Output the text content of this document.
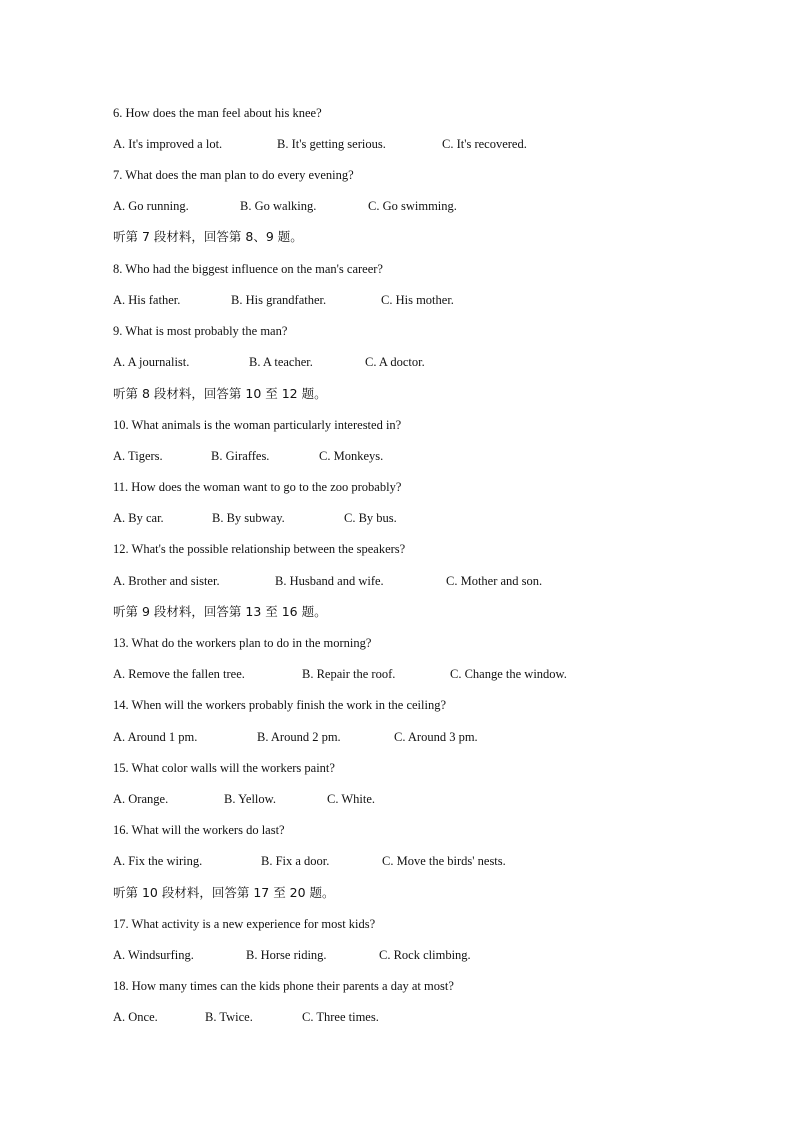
6. How does the man feel about his knee?
A. It's improved a lot.	B. It's getting serious.	C. It's recovered.
7. What does the man plan to do every evening?
A. Go running.	B. Go walking.	C. Go swimming.
听第 7 段材料，回答第 8、9 题。
8. Who had the biggest influence on the man's career?
A. His father.	B. His grandfather.	C. His mother.
9. What is most probably the man?
A. A journalist.	B. A teacher.	C. A doctor.
听第 8 段材料，回答第 10 至 12 题。
10. What animals is the woman particularly interested in?
A. Tigers.	B. Giraffes.	C. Monkeys.
11. How does the woman want to go to the zoo probably?
A. By car.	B. By subway.	C. By bus.
12. What's the possible relationship between the speakers?
A. Brother and sister.	B. Husband and wife.	C. Mother and son.
听第 9 段材料，回答第 13 至 16 题。
13. What do the workers plan to do in the morning?
A. Remove the fallen tree.	B. Repair the roof.	C. Change the window.
14. When will the workers probably finish the work in the ceiling?
A. Around 1 pm.	B. Around 2 pm.	C. Around 3 pm.
15. What color walls will the workers paint?
A. Orange.	B. Yellow.	C. White.
16. What will the workers do last?
A. Fix the wiring.	B. Fix a door.	C. Move the birds' nests.
听第 10 段材料，回答第 17 至 20 题。
17. What activity is a new experience for most kids?
A. Windsurfing.	B. Horse riding.	C. Rock climbing.
18. How many times can the kids phone their parents a day at most?
A. Once.	B. Twice.	C. Three times.
